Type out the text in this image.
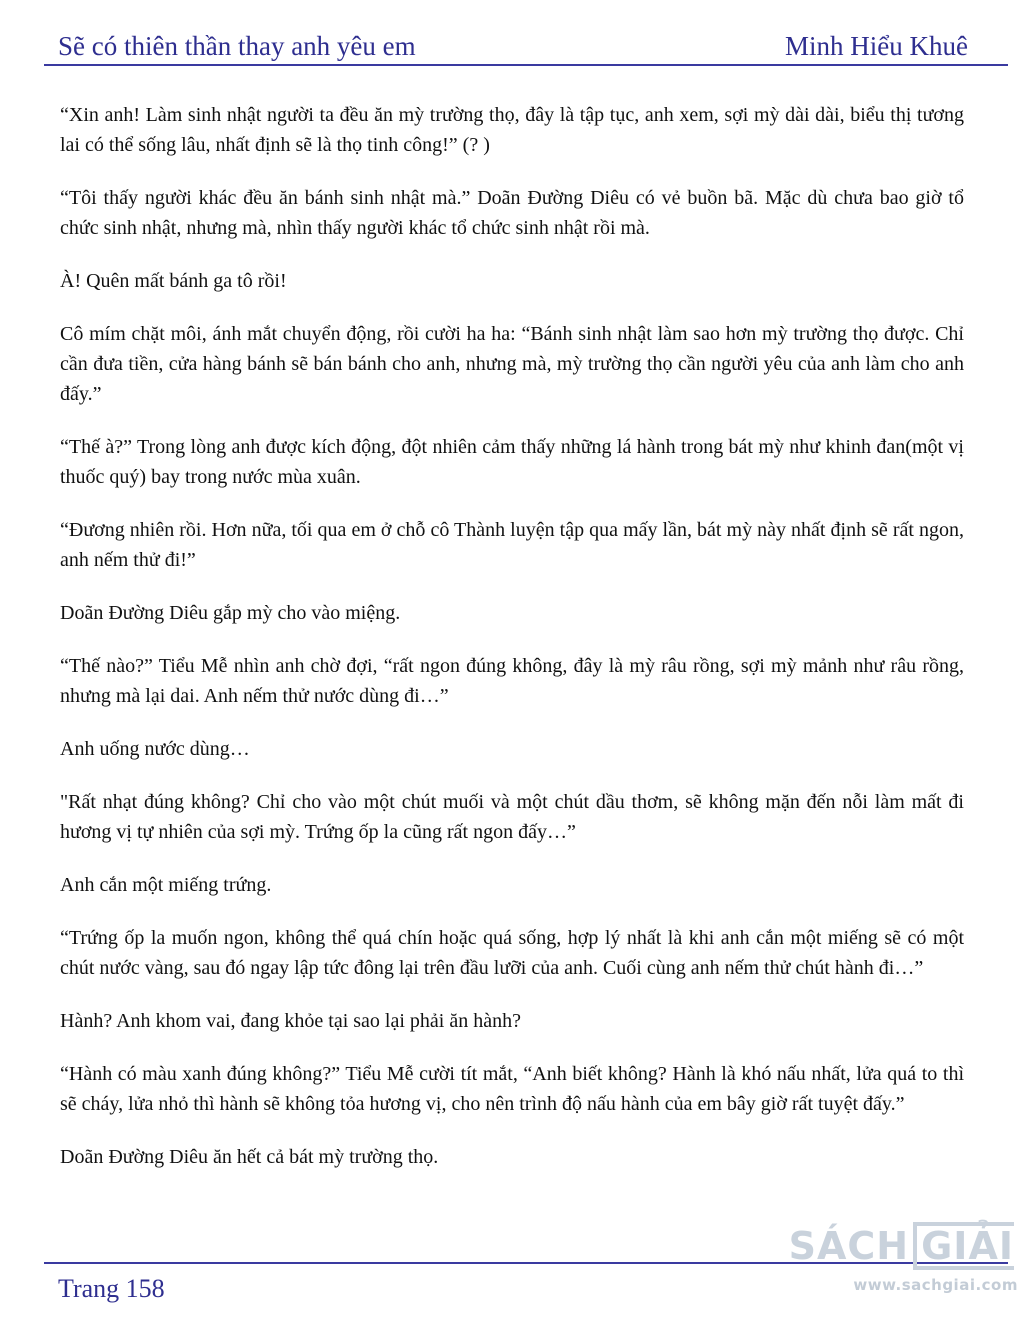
Sẽ có thiên thần thay anh yêu em	Minh Hiểu Khuê

“Xin anh! Làm sinh nhật người ta đều ăn mỳ trường thọ, đây là tập tục, anh xem, sợi mỳ dài dài, biểu thị tương lai có thể sống lâu, nhất định sẽ là thọ tinh công!” (? )

“Tôi thấy người khác đều ăn bánh sinh nhật mà.” Doãn Đường Diêu có vẻ buồn bã. Mặc dù chưa bao giờ tổ chức sinh nhật, nhưng mà, nhìn thấy người khác tổ chức sinh nhật rồi mà.

À! Quên mất bánh ga tô rồi!

Cô mím chặt môi, ánh mắt chuyển động, rồi cười ha ha: “Bánh sinh nhật làm sao hơn mỳ trường thọ được. Chỉ cần đưa tiền, cửa hàng bánh sẽ bán bánh cho anh, nhưng mà, mỳ trường thọ cần người yêu của anh làm cho anh đấy.”

“Thế à?” Trong lòng anh được kích động, đột nhiên cảm thấy những lá hành trong bát mỳ như khinh đan(một vị thuốc quý) bay trong nước mùa xuân.

“Đương nhiên rồi. Hơn nữa, tối qua em ở chỗ cô Thành luyện tập qua mấy lần, bát mỳ này nhất định sẽ rất ngon, anh nếm thử đi!”

Doãn Đường Diêu gắp mỳ cho vào miệng.

“Thế nào?” Tiểu Mễ nhìn anh chờ đợi, “rất ngon đúng không, đây là mỳ râu rồng, sợi mỳ mảnh như râu rồng, nhưng mà lại dai. Anh nếm thử nước dùng đi…”

Anh uống nước dùng…

"Rất nhạt đúng không? Chỉ cho vào một chút muối và một chút dầu thơm, sẽ không mặn đến nỗi làm mất đi hương vị tự nhiên của sợi mỳ. Trứng ốp la cũng rất ngon đấy…”

Anh cắn một miếng trứng.

“Trứng ốp la muốn ngon, không thể quá chín hoặc quá sống, hợp lý nhất là khi anh cắn một miếng sẽ có một chút nước vàng, sau đó ngay lập tức đông lại trên đầu lưỡi của anh. Cuối cùng anh nếm thử chút hành đi…”

Hành? Anh khom vai, đang khỏe tại sao lại phải ăn hành?

“Hành có màu xanh đúng không?” Tiểu Mễ cười tít mắt, “Anh biết không? Hành là khó nấu nhất, lửa quá to thì sẽ cháy, lửa nhỏ thì hành sẽ không tỏa hương vị, cho nên trình độ nấu hành của em bây giờ rất tuyệt đấy.”

Doãn Đường Diêu ăn hết cả bát mỳ trường thọ.

Trang 158
SÁCH GIẢI
www.sachgiai.com
